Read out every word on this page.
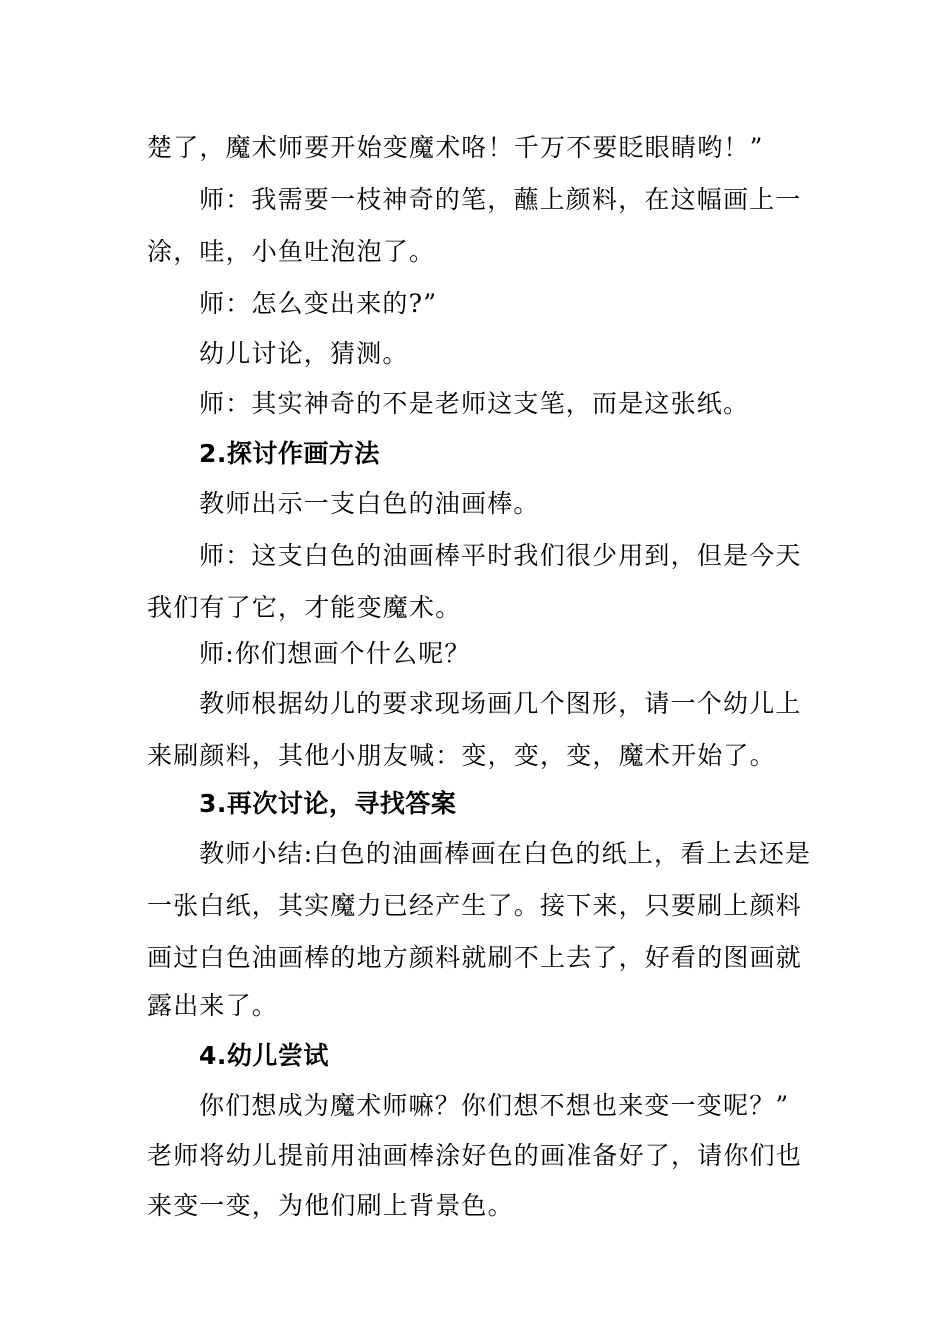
楚了，魔术师要开始变魔术咯！千万不要眨眼睛哟！”
师：我需要一枝神奇的笔，蘸上颜料，在这幅画上一
涂，哇，小鱼吐泡泡了。
师：怎么变出来的?”
幼儿讨论，猜测。
师：其实神奇的不是老师这支笔，而是这张纸。
2.探讨作画方法
教师出示一支白色的油画棒。
师：这支白色的油画棒平时我们很少用到，但是今天
我们有了它，才能变魔术。
师:你们想画个什么呢？
教师根据幼儿的要求现场画几个图形，请一个幼儿上
来刷颜料，其他小朋友喊：变，变，变，魔术开始了。
3.再次讨论，寻找答案
教师小结:白色的油画棒画在白色的纸上，看上去还是
一张白纸，其实魔力已经产生了。接下来，只要刷上颜料
画过白色油画棒的地方颜料就刷不上去了，好看的图画就
露出来了。
4.幼儿尝试
你们想成为魔术师嘛？你们想不想也来变一变呢？”
老师将幼儿提前用油画棒涂好色的画准备好了，请你们也
来变一变，为他们刷上背景色。
